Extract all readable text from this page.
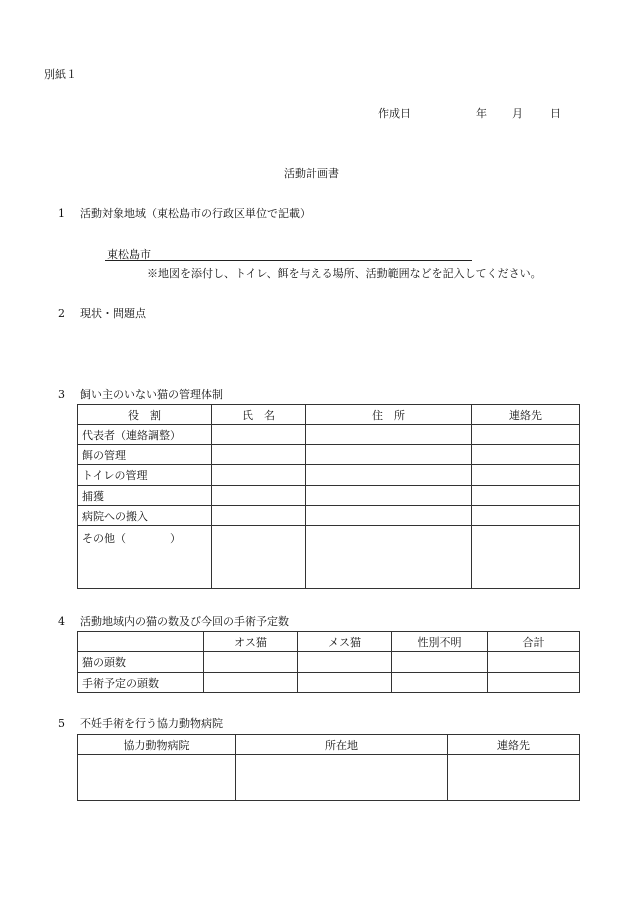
別紙１
作成日	年 月 日
活動計画書
1 活動対象地域（東松島市の行政区単位で記載）
東松島市
※地図を添付し、トイレ、餌を与える場所、活動範囲などを記入してください。
2 現状・問題点
3 飼い主のいない猫の管理体制
役　割	氏　名	住　所	連絡先
代表者（連絡調整）			
餌の管理			
トイレの管理			
捕獲			
病院への搬入			
その他（　　　　）			
4 活動地域内の猫の数及び今回の手術予定数
	オス猫	メス猫	性別不明	合計
猫の頭数				
手術予定の頭数				
5 不妊手術を行う協力動物病院
協力動物病院	所在地	連絡先
